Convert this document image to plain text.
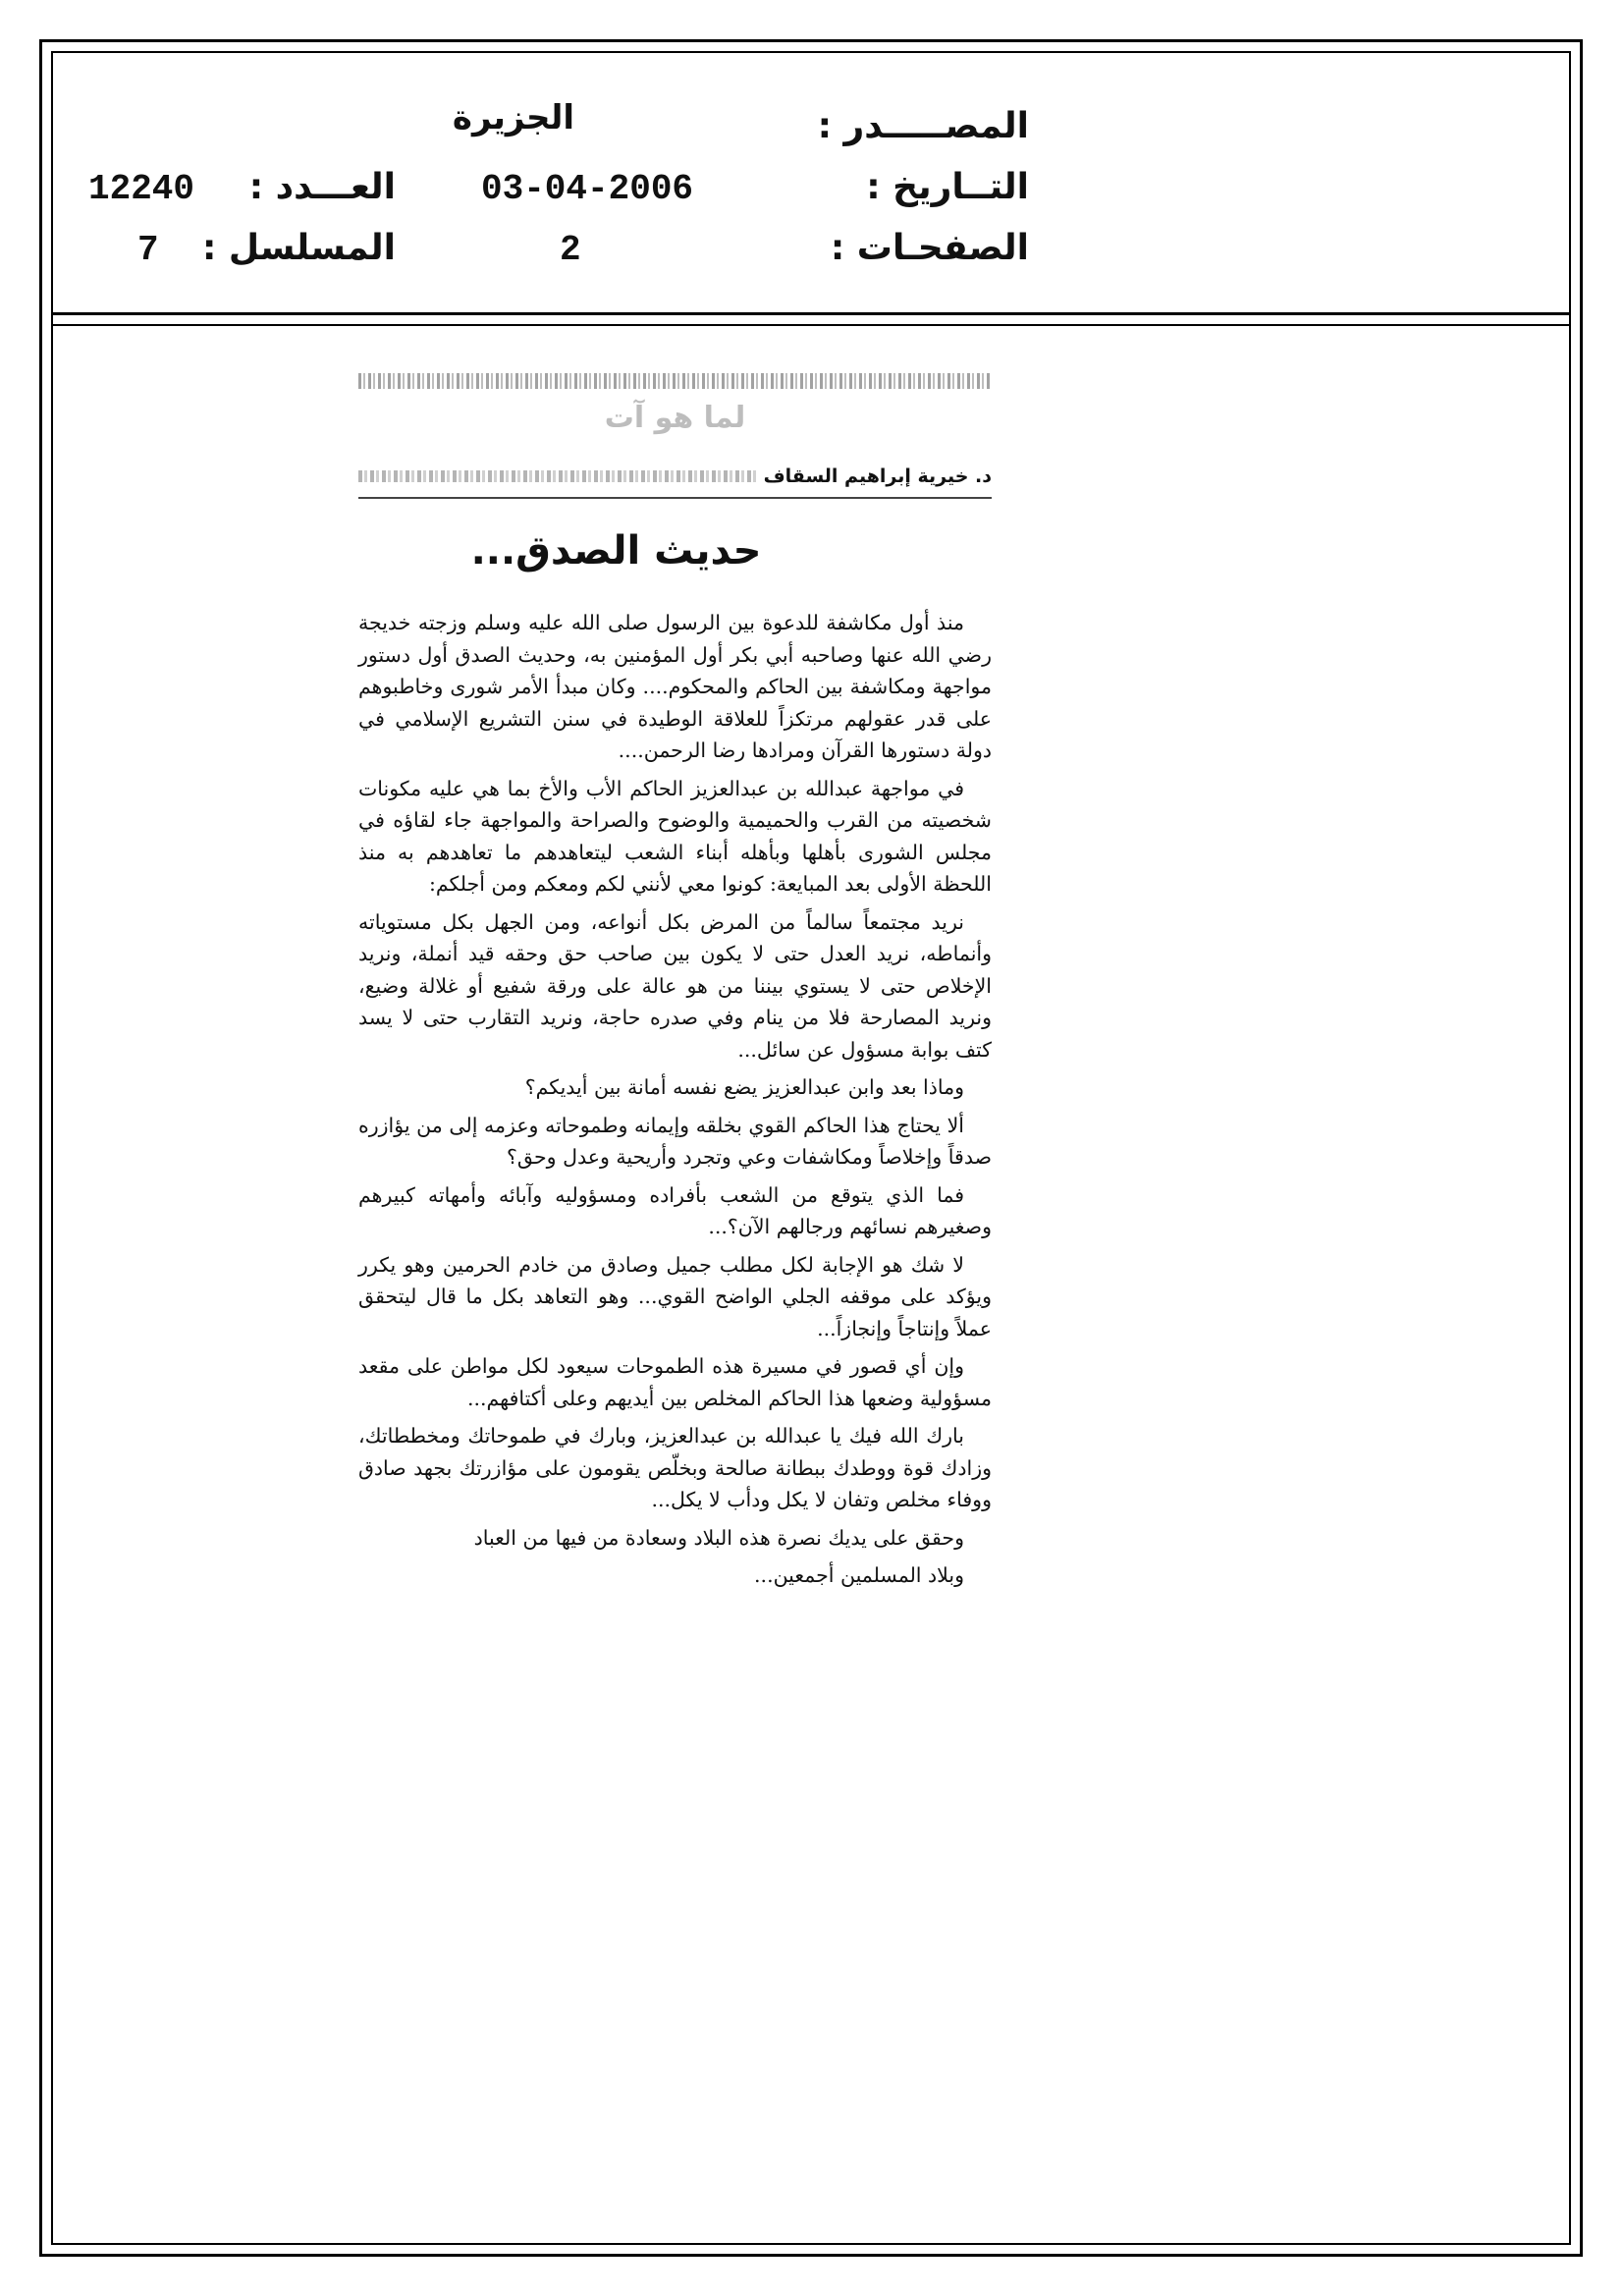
المصـــــدر :
الجزيرة
التــاريخ :
03-04-2006
العـــدد :
12240
الصفحـات :
2
المسلسل :
7
لما هو آت
د. خيرية إبراهيم السقاف
حديث الصدق...

منذ أول مكاشفة للدعوة بين الرسول صلى الله عليه وسلم وزجته خديجة رضي الله عنها وصاحبه أبي بكر أول المؤمنين به، وحديث الصدق أول دستور مواجهة ومكاشفة بين الحاكم والمحكوم.... وكان مبدأ الأمر شورى وخاطبوهم على قدر عقولهم مرتكزاً للعلاقة الوطيدة في سنن التشريع الإسلامي في دولة دستورها القرآن ومرادها رضا الرحمن....

في مواجهة عبدالله بن عبدالعزيز الحاكم الأب والأخ بما هي عليه مكونات شخصيته من القرب والحميمية والوضوح والصراحة والمواجهة جاء لقاؤه في مجلس الشورى بأهلها وبأهله أبناء الشعب ليتعاهدهم ما تعاهدهم به منذ اللحظة الأولى بعد المبايعة: كونوا معي لأنني لكم ومعكم ومن أجلكم:

نريد مجتمعاً سالماً من المرض بكل أنواعه، ومن الجهل بكل مستوياته وأنماطه، نريد العدل حتى لا يكون بين صاحب حق وحقه قيد أنملة، ونريد الإخلاص حتى لا يستوي بيننا من هو عالة على ورقة شفيع أو غلالة وضيع، ونريد المصارحة فلا من ينام وفي صدره حاجة، ونريد التقارب حتى لا يسد كتف بوابة مسؤول عن سائل...

وماذا بعد وابن عبدالعزيز يضع نفسه أمانة بين أيديكم؟

ألا يحتاج هذا الحاكم القوي بخلقه وإيمانه وطموحاته وعزمه إلى من يؤازره صدقاً وإخلاصاً ومكاشفات وعي وتجرد وأريحية وعدل وحق؟

فما الذي يتوقع من الشعب بأفراده ومسؤوليه وآبائه وأمهاته كبيرهم وصغيرهم نسائهم ورجالهم الآن؟...

لا شك هو الإجابة لكل مطلب جميل وصادق من خادم الحرمين وهو يكرر ويؤكد على موقفه الجلي الواضح القوي... وهو التعاهد بكل ما قال ليتحقق عملاً وإنتاجاً وإنجازاً...

وإن أي قصور في مسيرة هذه الطموحات سيعود لكل مواطن على مقعد مسؤولية وضعها هذا الحاكم المخلص بين أيديهم وعلى أكتافهم...

بارك الله فيك يا عبدالله بن عبدالعزيز، وبارك في طموحاتك ومخططاتك، وزادك قوة ووطدك ببطانة صالحة وبخلّص يقومون على مؤازرتك بجهد صادق ووفاء مخلص وتفان لا يكل ودأب لا يكل...

وحقق على يديك نصرة هذه البلاد وسعادة من فيها من العباد

وبلاد المسلمين أجمعين...
